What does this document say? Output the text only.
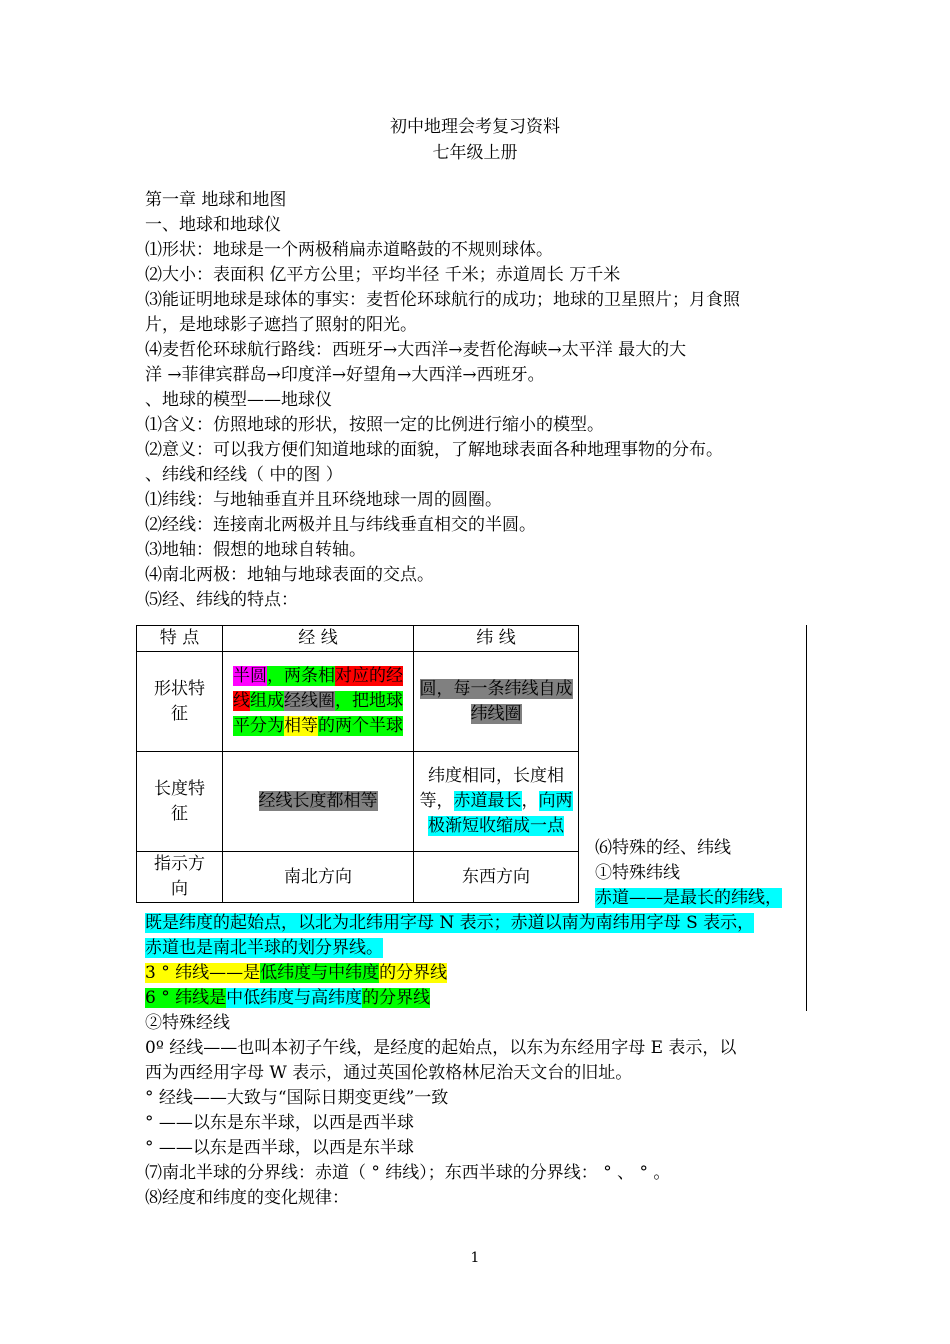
初中地理会考复习资料
七年级上册
第一章 地球和地图
一、地球和地球仪
⑴形状：地球是一个两极稍扁赤道略鼓的不规则球体。
⑵大小：表面积 亿平方公里；平均半径 千米；赤道周长 万千米
⑶能证明地球是球体的事实：麦哲伦环球航行的成功；地球的卫星照片；月食照
片，是地球影子遮挡了照射的阳光。
⑷麦哲伦环球航行路线：西班牙→大西洋→麦哲伦海峡→太平洋 最大的大
洋 →菲律宾群岛→印度洋→好望角→大西洋→西班牙。
、地球的模型——地球仪
⑴含义：仿照地球的形状，按照一定的比例进行缩小的模型。
⑵意义：可以我方便们知道地球的面貌，了解地球表面各种地理事物的分布。
、纬线和经线（ 中的图 ）
⑴纬线：与地轴垂直并且环绕地球一周的圆圈。
⑵经线：连接南北两极并且与纬线垂直相交的半圆。
⑶地轴：假想的地球自转轴。
⑷南北两极：地轴与地球表面的交点。
⑸经、纬线的特点：
特 点	经 线	纬 线

形状特征	半圆，两条相对应的经线组成经线圈，把地球平分为相等的两个半球	圆，每一条纬线自成纬线圈

长度特征	经线长度都相等	纬度相同，长度相等，赤道最长，向两极渐短收缩成一点

指示方向	南北方向	东西方向
⑹特殊的经、纬线
①特殊纬线
赤道——是最长的纬线，
既是纬度的起始点，以北为北纬用字母 N 表示；赤道以南为南纬用字母 S 表示，
赤道也是南北半球的划分界线。
3 ° 纬线——是低纬度与中纬度的分界线
6 ° 纬线是中低纬度与高纬度的分界线
②特殊经线
0º 经线——也叫本初子午线，是经度的起始点，以东为东经用字母 E 表示，以
西为西经用字母 W 表示，通过英国伦敦格林尼治天文台的旧址。
° 经线——大致与“国际日期变更线”一致
° ——以东是东半球，以西是西半球
° ——以东是西半球，以西是东半球
⑺南北半球的分界线：赤道（ ° 纬线）；东西半球的分界线： ° 、 ° 。
⑻经度和纬度的变化规律：
1
